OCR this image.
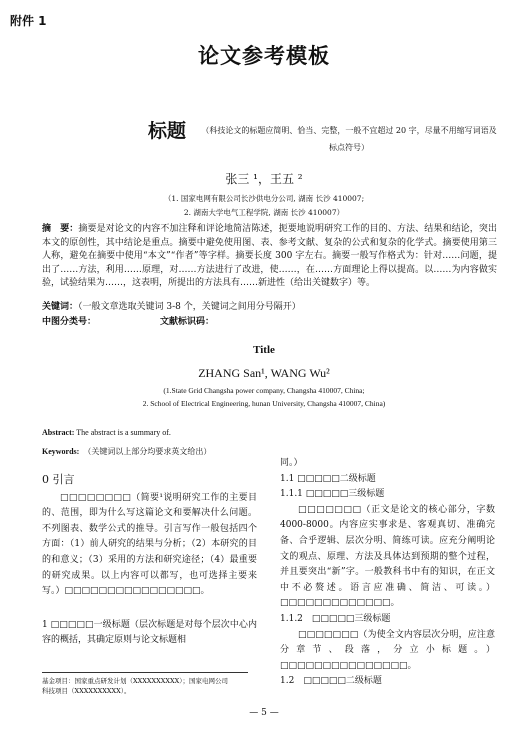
附件 1
论文参考模板
标题 （科技论文的标题应简明、恰当、完整，一般不宜超过 20 字，尽量不用缩写词语及标点符号）
张三 ¹，王五 ²
（1. 国家电网有限公司长沙供电分公司, 湖南 长沙 410007;
2. 湖南大学电气工程学院, 湖南 长沙 410007）
摘　要：摘要是对论文的内容不加注释和评论地简洁陈述，扼要地说明研究工作的目的、方法、结果和结论，突出本文的原创性，其中结论是重点。摘要中避免使用图、表、参考文献、复杂的公式和复杂的化学式。摘要使用第三人称，避免在摘要中使用“本文”“作者”等字样。摘要长度 300 字左右。摘要一般写作格式为：针对……问题，提出了……方法，利用……原理，对……方法进行了改进，使……，在……方面理论上得以提高。以……为内容做实验，试验结果为……，这表明，所提出的方法具有……新进性（给出关键数字）等。
关键词：（一般文章选取关键词 3-8 个，关键词之间用分号隔开）
中图分类号：	文献标识码：
Title
ZHANG San¹, WANG Wu²
(1.State Grid Changsha power company, Changsha 410007, China;
2. School of Electrical Engineering, hunan University, Changsha 410007, China)
Abstract: The abstract is a summary of.
Keywords: （关键词以上部分均要求英文给出）
0 引言

□□□□□□□□（简要¹说明研究工作的主要目的、范围，即为什么写这篇论文和要解决什么问题。不列图表、数学公式的推导。引言写作一般包括四个方面：（1）前人研究的结果与分析；（2）本研究的目的和意义；（3）采用的方法和研究途径；（4）最重要的研究成果。以上内容可以都写，也可选择主要来写。）□□□□□□□□□□□□□□□□。

1 □□□□□一级标题（层次标题是对每个层次中心内容的概括，其确定原则与论文标题相

同。）

1.1 □□□□□二级标题

1.1.1 □□□□□三级标题

□□□□□□□（正文是论文的核心部分，字数4000-8000。内容应实事求是、客观真切、准确完备、合乎逻辑、层次分明、简练可读。应充分阐明论文的观点、原理、方法及具体达到预期的整个过程，并且要突出“新”字。一般教科书中有的知识，在正文中不必赘述。语言应准确、简洁、可读。）□□□□□□□□□□□□□。

1.1.2　□□□□□三级标题

□□□□□□□（为使全文内容层次分明，应注意分章节、段落，分立小标题。）□□□□□□□□□□□□□□□。

1.2　□□□□□二级标题

基金项目：国家重点研发计划（XXXXXXXXXX）；国家电网公司
科技项目（XXXXXXXXXX）。
— 5 —
